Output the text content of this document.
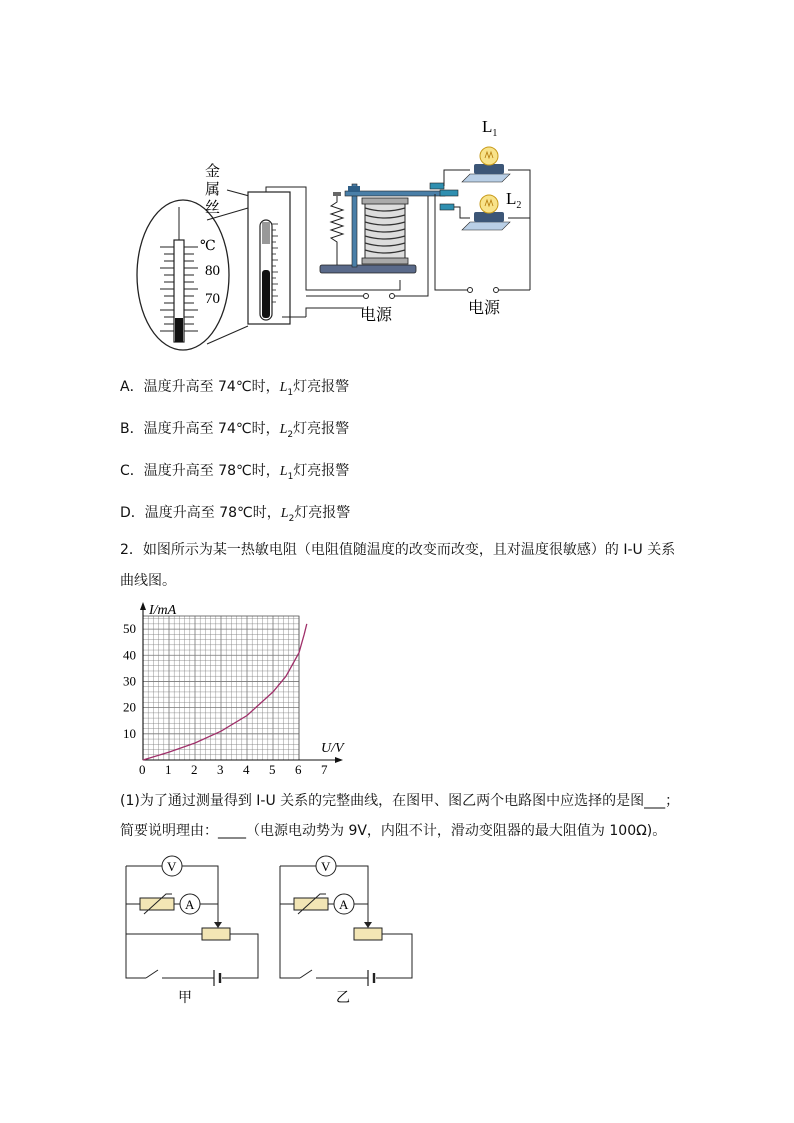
℃
80
70
金
属
丝
电源
$L_1$
$L_2$
电源
A．温度升高至 74℃时，$L_1$灯亮报警
B．温度升高至 74℃时，$L_2$灯亮报警
C．温度升高至 78℃时，$L_1$灯亮报警
D．温度升高至 78℃时，$L_2$灯亮报警
2．如图所示为某一热敏电阻（电阻值随温度的改变而改变，且对温度很敏感）的 I-U 关系
曲线图。
0 1 2 3 4 5 6 7
10
20
30
40
50
I/mA
U/V
(1)为了通过测量得到 I-U 关系的完整曲线，在图甲、图乙两个电路图中应选择的是图___；
简要说明理由：____（电源电动势为 9V，内阻不计，滑动变阻器的最大阻值为 100Ω)。
V
A
甲
V
A
乙
